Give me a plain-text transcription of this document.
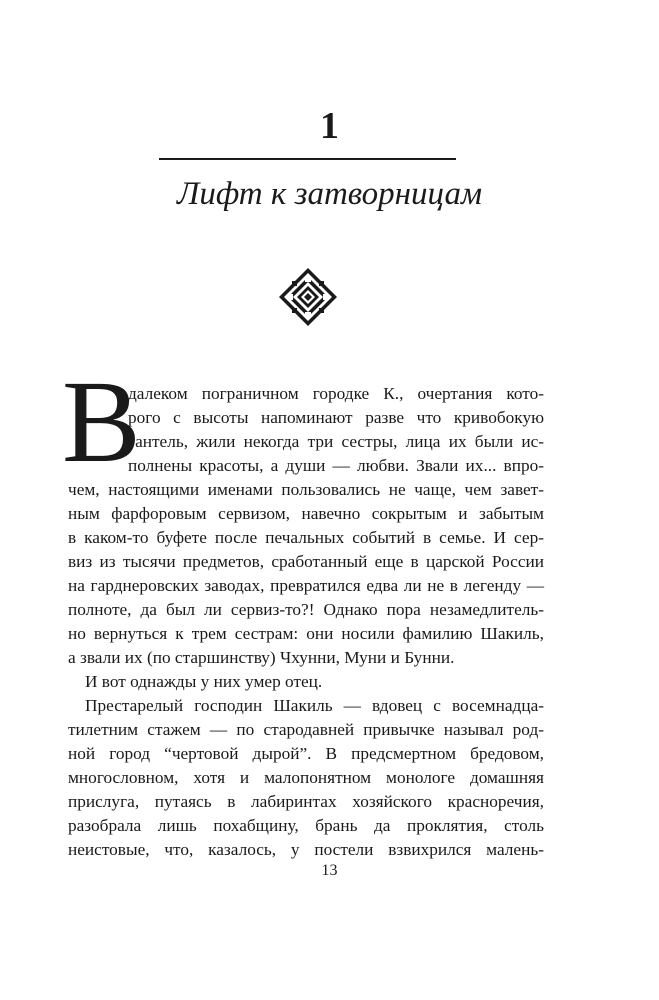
1
Лифт к затворницам
В
далеком пограничном городке К., очертания кото-
рого с высоты напоминают разве что кривобокую
гантель, жили некогда три сестры, лица их были ис-
полнены красоты, а души — любви. Звали их... впро-
чем, настоящими именами пользовались не чаще, чем завет-
ным фарфоровым сервизом, навечно сокрытым и забытым
в каком-то буфете после печальных событий в семье. И сер-
виз из тысячи предметов, сработанный еще в царской России
на гарднеровских заводах, превратился едва ли не в легенду —
полноте, да был ли сервиз-то?! Однако пора незамедлитель-
но вернуться к трем сестрам: они носили фамилию Шакиль,
а звали их (по старшинству) Чхунни, Муни и Бунни.
И вот однажды у них умер отец.
Престарелый господин Шакиль — вдовец с восемнадца-
тилетним стажем — по стародавней привычке называл род-
ной город “чертовой дырой”. В предсмертном бредовом,
многословном, хотя и малопонятном монологе домашняя
прислуга, путаясь в лабиринтах хозяйского красноречия,
разобрала лишь похабщину, брань да проклятия, столь
неистовые, что, казалось, у постели взвихрился малень-
13
